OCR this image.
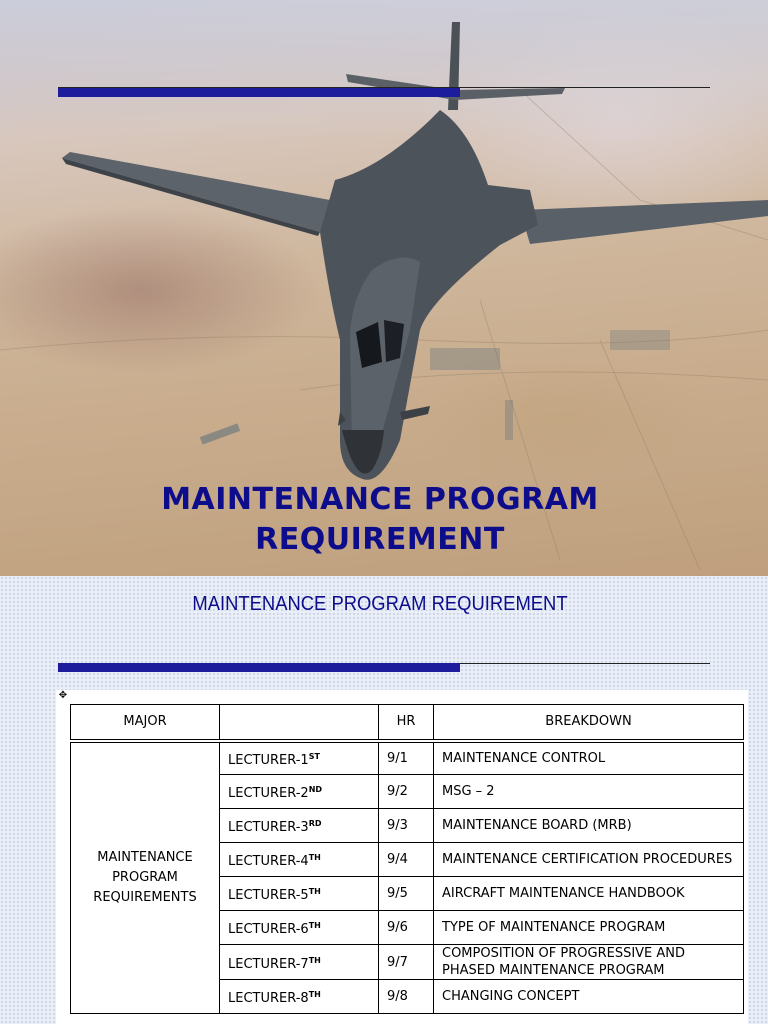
MAINTENANCE PROGRAM
REQUIREMENT
MAINTENANCE PROGRAM REQUIREMENT
✥
MAJOR		HR	BREAKDOWN
MAINTENANCE PROGRAM REQUIREMENTS	LECTURER-1ST	9/1	MAINTENANCE CONTROL
	LECTURER-2ND	9/2	MSG – 2
	LECTURER-3RD	9/3	MAINTENANCE BOARD (MRB)
	LECTURER-4TH	9/4	MAINTENANCE CERTIFICATION PROCEDURES
	LECTURER-5TH	9/5	AIRCRAFT MAINTENANCE HANDBOOK
	LECTURER-6TH	9/6	TYPE OF MAINTENANCE PROGRAM
	LECTURER-7TH	9/7	COMPOSITION OF PROGRESSIVE AND PHASED MAINTENANCE PROGRAM
	LECTURER-8TH	9/8	CHANGING CONCEPT
